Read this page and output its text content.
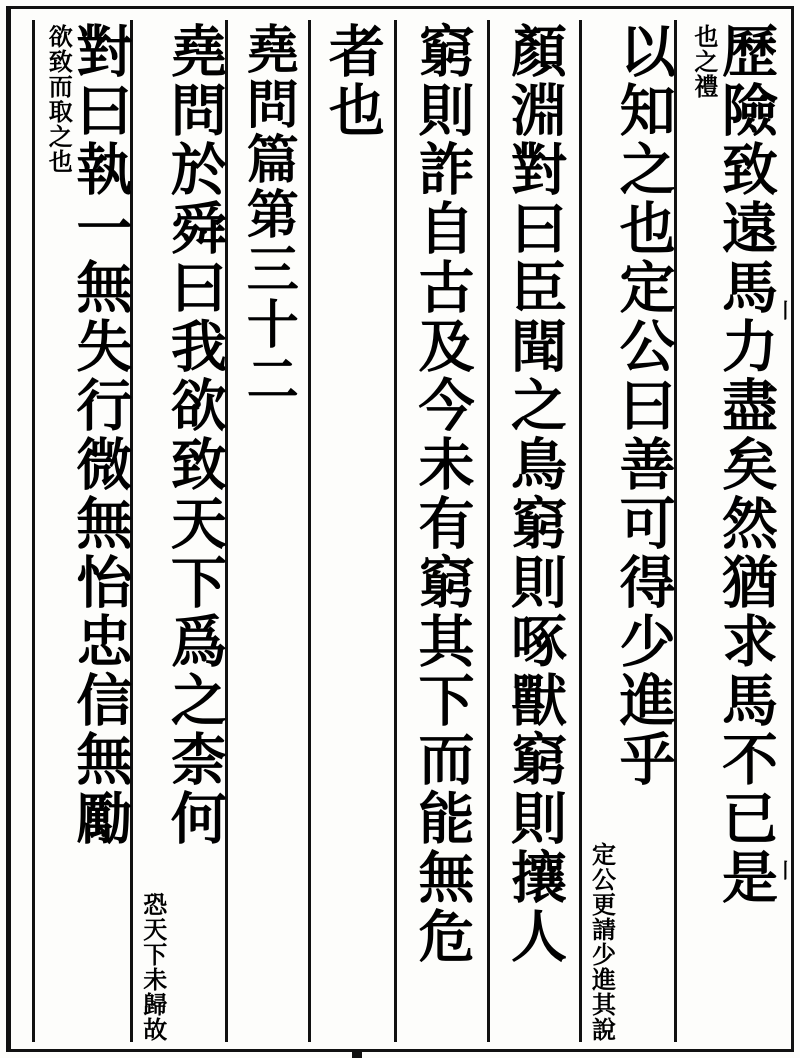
丨
丨
歷險致遠馬力盡矣然猶求馬不已是
也之禮
以知之也定公曰善可得少進乎
定公更請少進其說
顏淵對曰臣聞之鳥窮則啄獸窮則攘人
窮則詐自古及今未有窮其下而能無危
者也
堯問篇第三十二
堯問於舜曰我欲致天下爲之柰何
恐天下未歸故
對曰執一無失行微無怡忠信無勵
欲致而取之也
